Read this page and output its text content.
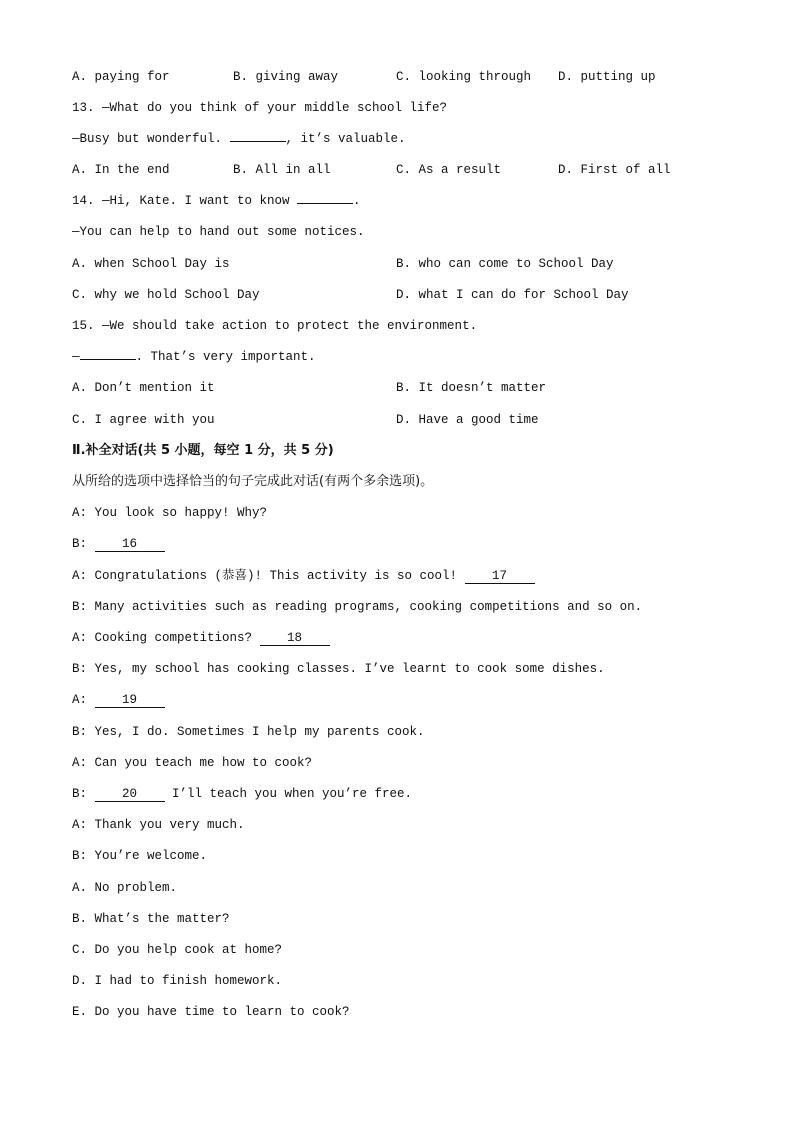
A. paying for	B. giving away	C. looking through D. putting up
13. —What do you think of your middle school life?
—Busy but wonderful.	, it’s valuable.
A. In the end	B. All in all	C. As a result	D. First of all
14. —Hi, Kate. I want to know	.
—You can help to hand out some notices.
A. when School Day is	B. who can come to School Day
C. why we hold School Day	D. what I can do for School Day
15. —We should take action to protect the environment.
—	. That’s very important.
A. Don’t mention it	B. It doesn’t matter
C. I agree with you	D. Have a good time
Ⅱ.补全对话(共 5 小题，每空 1 分，共 5 分)
从所给的选项中选择恰当的句子完成此对话(有两个多余选项)。
A: You look so happy! Why?
B: 16
A: Congratulations (恭喜)! This activity is so cool! 17
B: Many activities such as reading programs, cooking competitions and so on.
A: Cooking competitions? 18
B: Yes, my school has cooking classes. I’ve learnt to cook some dishes.
A: 19
B: Yes, I do. Sometimes I help my parents cook.
A: Can you teach me how to cook?
B: 20 I’ll teach you when you’re free.
A: Thank you very much.
B: You’re welcome.
A. No problem.
B. What’s the matter?
C. Do you help cook at home?
D. I had to finish homework.
E. Do you have time to learn to cook?
